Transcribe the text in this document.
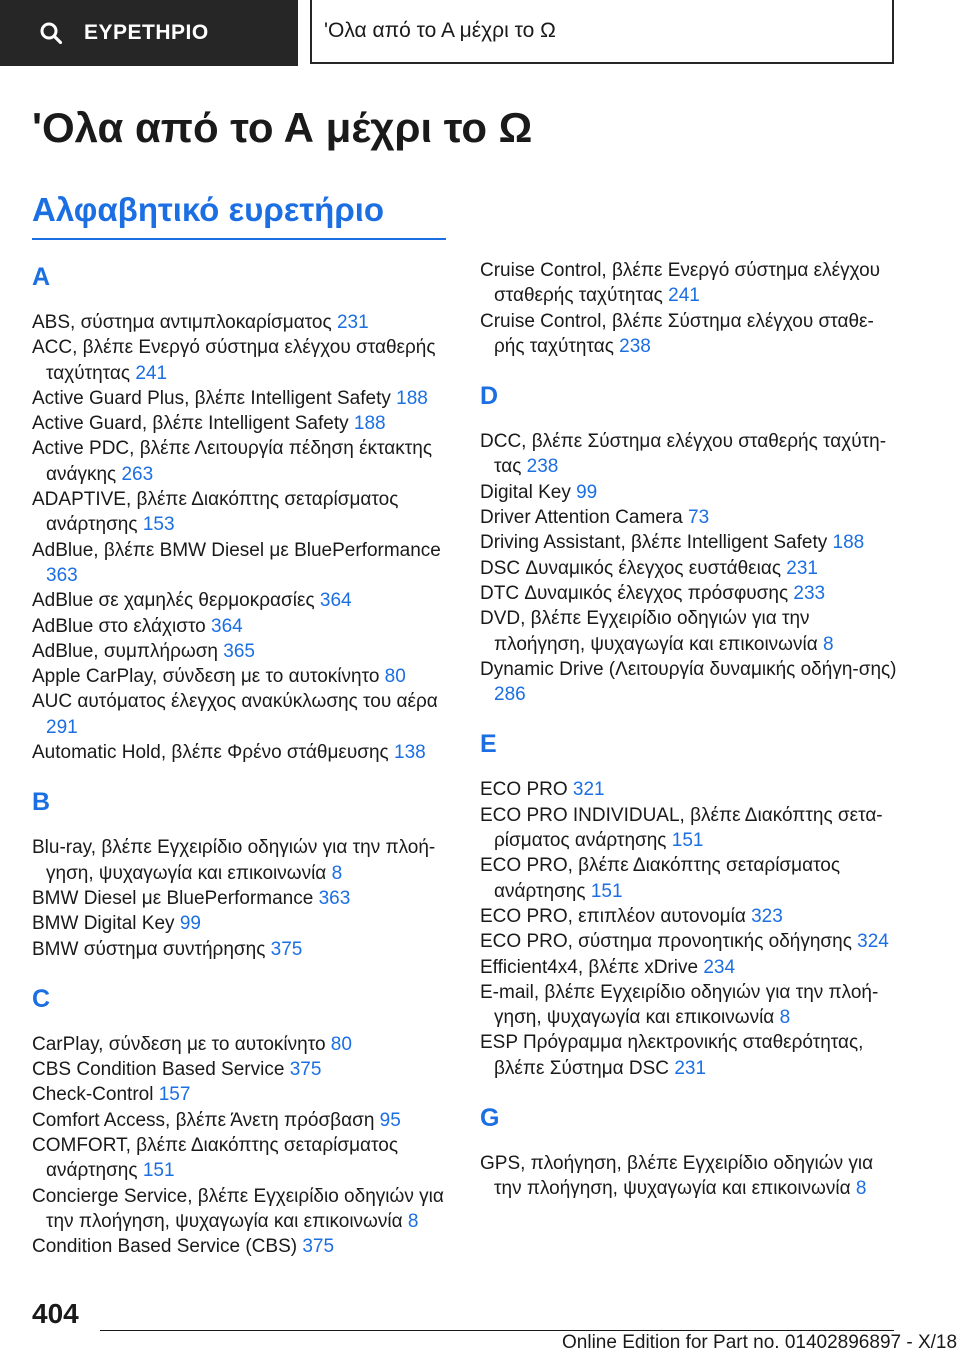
ΕΥΡΕΤΗΡΙΟ	'Ολα από το Α μέχρι το Ω
'Ολα από το Α μέχρι το Ω
Αλφαβητικό ευρετήριο
A
ABS, σύστημα αντιμπλοκαρίσματος 231
ACC, βλέπε Ενεργό σύστημα ελέγχου σταθερής ταχύτητας 241
Active Guard Plus, βλέπε Intelligent Safety 188
Active Guard, βλέπε Intelligent Safety 188
Active PDC, βλέπε Λειτουργία πέδηση έκτακτης ανάγκης 263
ADAPTIVE, βλέπε Διακόπτης σεταρίσματος ανάρτησης 153
AdBlue, βλέπε BMW Diesel με BluePerformance 363
AdBlue σε χαμηλές θερμοκρασίες 364
AdBlue στο ελάχιστο 364
AdBlue, συμπλήρωση 365
Apple CarPlay, σύνδεση με το αυτοκίνητο 80
AUC αυτόματος έλεγχος ανακύκλωσης του αέρα 291
Automatic Hold, βλέπε Φρένο στάθμευσης 138
B
Blu-ray, βλέπε Εγχειρίδιο οδηγιών για την πλοή‐γηση, ψυχαγωγία και επικοινωνία 8
BMW Diesel με BluePerformance 363
BMW Digital Key 99
BMW σύστημα συντήρησης 375
C
CarPlay, σύνδεση με το αυτοκίνητο 80
CBS Condition Based Service 375
Check-Control 157
Comfort Access, βλέπε Άνετη πρόσβαση 95
COMFORT, βλέπε Διακόπτης σεταρίσματος ανάρτησης 151
Concierge Service, βλέπε Εγχειρίδιο οδηγιών για την πλοήγηση, ψυχαγωγία και επικοινωνία 8
Condition Based Service (CBS) 375
Cruise Control, βλέπε Ενεργό σύστημα ελέγχου σταθερής ταχύτητας 241
Cruise Control, βλέπε Σύστημα ελέγχου σταθε‐ρής ταχύτητας 238
D
DCC, βλέπε Σύστημα ελέγχου σταθερής ταχύτη‐τας 238
Digital Key 99
Driver Attention Camera 73
Driving Assistant, βλέπε Intelligent Safety 188
DSC Δυναμικός έλεγχος ευστάθειας 231
DTC Δυναμικός έλεγχος πρόσφυσης 233
DVD, βλέπε Εγχειρίδιο οδηγιών για την πλοήγηση, ψυχαγωγία και επικοινωνία 8
Dynamic Drive (Λειτουργία δυναμικής οδήγη‐σης) 286
E
ECO PRO 321
ECO PRO INDIVIDUAL, βλέπε Διακόπτης σετα‐ρίσματος ανάρτησης 151
ECO PRO, βλέπε Διακόπτης σεταρίσματος ανάρτησης 151
ECO PRO, επιπλέον αυτονομία 323
ECO PRO, σύστημα προνοητικής οδήγησης 324
Efficient4x4, βλέπε xDrive 234
E-mail, βλέπε Εγχειρίδιο οδηγιών για την πλοή‐γηση, ψυχαγωγία και επικοινωνία 8
ESP Πρόγραμμα ηλεκτρονικής σταθερότητας, βλέπε Σύστημα DSC 231
G
GPS, πλοήγηση, βλέπε Εγχειρίδιο οδηγιών για την πλοήγηση, ψυχαγωγία και επικοινωνία 8
404
Online Edition for Part no. 01402896897 - X/18
